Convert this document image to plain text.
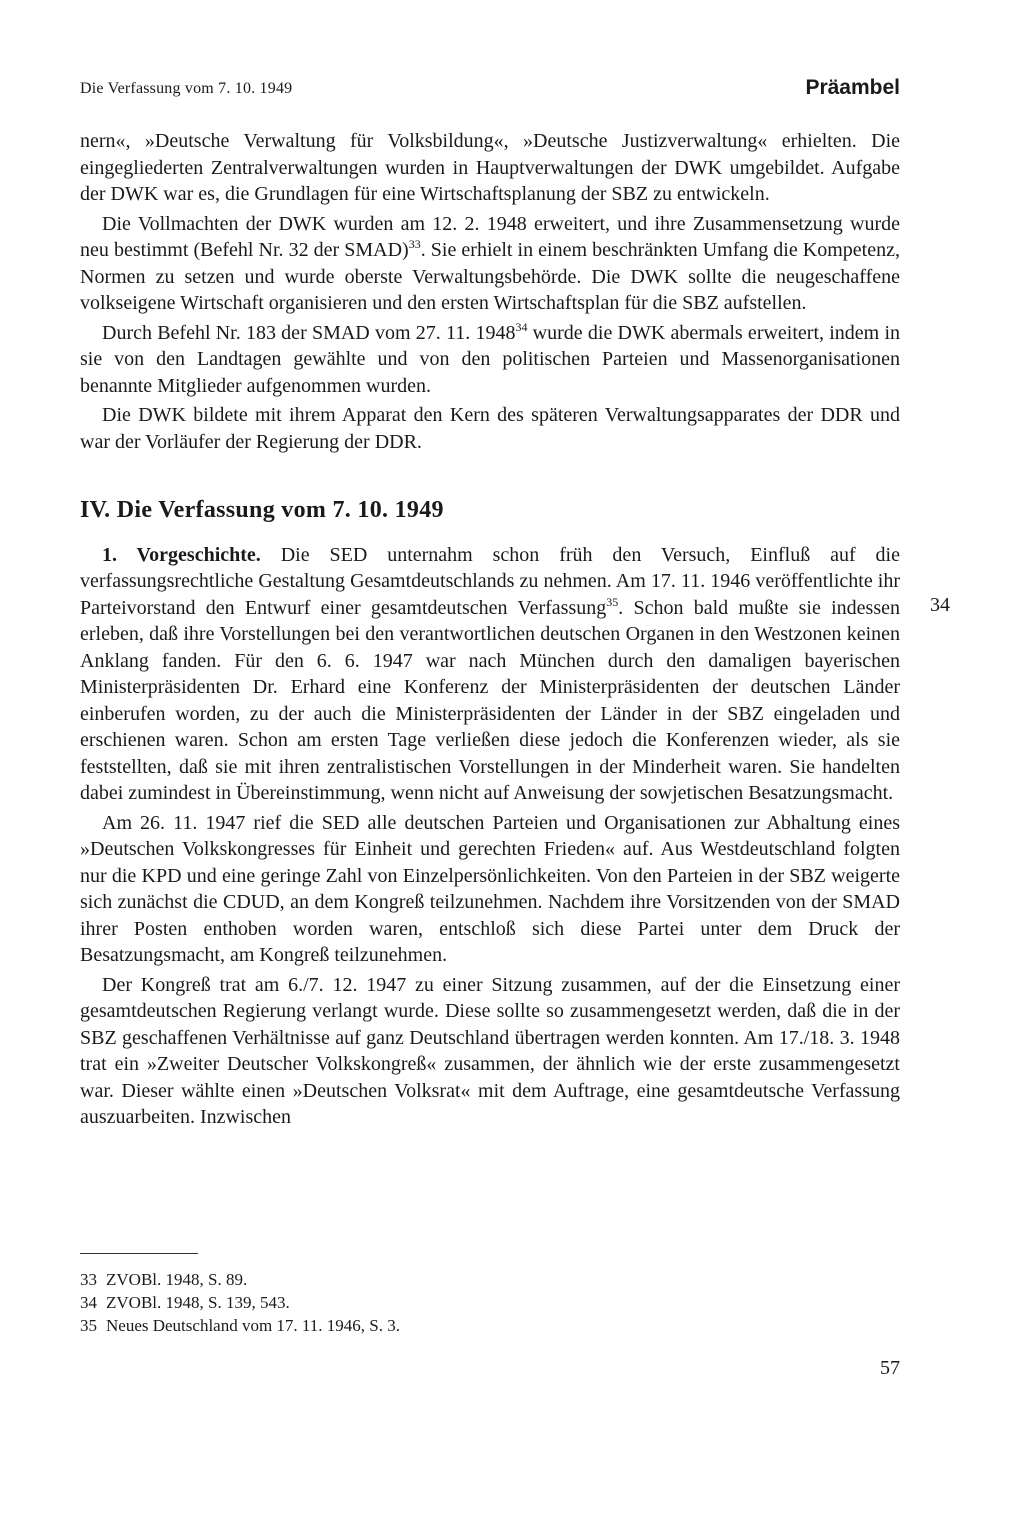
Die Verfassung vom 7. 10. 1949	Präambel

nern«, »Deutsche Verwaltung für Volksbildung«, »Deutsche Justizverwaltung« erhielten. Die eingegliederten Zentralverwaltungen wurden in Hauptverwaltungen der DWK umgebildet. Aufgabe der DWK war es, die Grundlagen für eine Wirtschaftsplanung der SBZ zu entwickeln.

Die Vollmachten der DWK wurden am 12. 2. 1948 erweitert, und ihre Zusammensetzung wurde neu bestimmt (Befehl Nr. 32 der SMAD)$^{33}$. Sie erhielt in einem beschränkten Umfang die Kompetenz, Normen zu setzen und wurde oberste Verwaltungsbehörde. Die DWK sollte die neugeschaffene volkseigene Wirtschaft organisieren und den ersten Wirtschaftsplan für die SBZ aufstellen.

Durch Befehl Nr. 183 der SMAD vom 27. 11. 1948$^{34}$ wurde die DWK abermals erweitert, indem in sie von den Landtagen gewählte und von den politischen Parteien und Massenorganisationen benannte Mitglieder aufgenommen wurden.

Die DWK bildete mit ihrem Apparat den Kern des späteren Verwaltungsapparates der DDR und war der Vorläufer der Regierung der DDR.

IV. Die Verfassung vom 7. 10. 1949

1. Vorgeschichte. Die SED unternahm schon früh den Versuch, Einfluß auf die verfassungsrechtliche Gestaltung Gesamtdeutschlands zu nehmen. Am 17. 11. 1946 veröffentlichte ihr Parteivorstand den Entwurf einer gesamtdeutschen Verfassung$^{35}$. Schon bald mußte sie indessen erleben, daß ihre Vorstellungen bei den verantwortlichen deutschen Organen in den Westzonen keinen Anklang fanden. Für den 6. 6. 1947 war nach München durch den damaligen bayerischen Ministerpräsidenten Dr. Erhard eine Konferenz der Ministerpräsidenten der deutschen Länder einberufen worden, zu der auch die Ministerpräsidenten der Länder in der SBZ eingeladen und erschienen waren. Schon am ersten Tage verließen diese jedoch die Konferenzen wieder, als sie feststellten, daß sie mit ihren zentralistischen Vorstellungen in der Minderheit waren. Sie handelten dabei zumindest in Übereinstimmung, wenn nicht auf Anweisung der sowjetischen Besatzungsmacht.

Am 26. 11. 1947 rief die SED alle deutschen Parteien und Organisationen zur Abhaltung eines »Deutschen Volkskongresses für Einheit und gerechten Frieden« auf. Aus Westdeutschland folgten nur die KPD und eine geringe Zahl von Einzelpersönlichkeiten. Von den Parteien in der SBZ weigerte sich zunächst die CDUD, an dem Kongreß teilzunehmen. Nachdem ihre Vorsitzenden von der SMAD ihrer Posten enthoben worden waren, entschloß sich diese Partei unter dem Druck der Besatzungsmacht, am Kongreß teilzunehmen.

Der Kongreß trat am 6./7. 12. 1947 zu einer Sitzung zusammen, auf der die Einsetzung einer gesamtdeutschen Regierung verlangt wurde. Diese sollte so zusammengesetzt werden, daß die in der SBZ geschaffenen Verhältnisse auf ganz Deutschland übertragen werden konnten. Am 17./18. 3. 1948 trat ein »Zweiter Deutscher Volkskongreß« zusammen, der ähnlich wie der erste zusammengesetzt war. Dieser wählte einen »Deutschen Volksrat« mit dem Auftrage, eine gesamtdeutsche Verfassung auszuarbeiten. Inzwischen

34
33 ZVOBl. 1948, S. 89.
34 ZVOBl. 1948, S. 139, 543.
35 Neues Deutschland vom 17. 11. 1946, S. 3.
57
